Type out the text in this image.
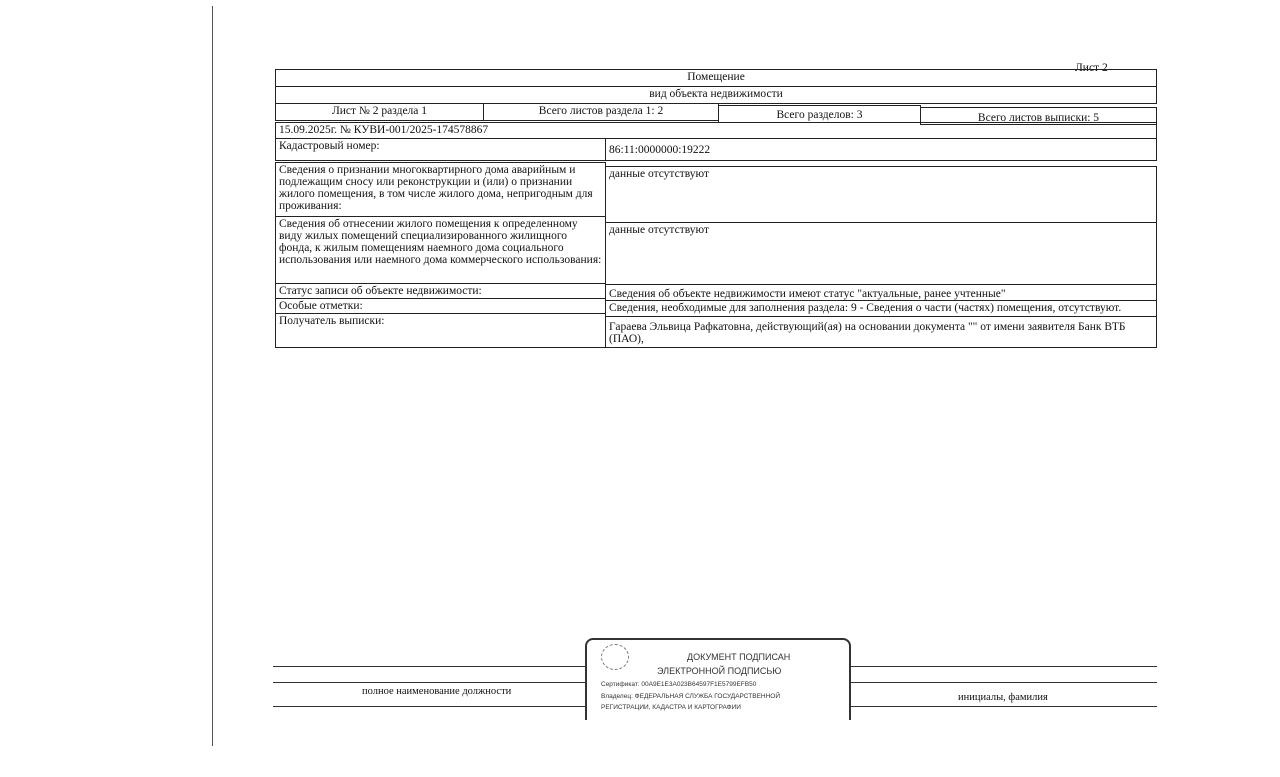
Лист 2
Помещение
вид объекта недвижимости
Лист № 2 раздела 1	Всего листов раздела 1: 2	Всего разделов: 3	Всего листов выписки: 5
15.09.2025г. № КУВИ-001/2025-174578867
Кадастровый номер:	86:11:0000000:19222
Сведения о признании многоквартирного дома аварийным и подлежащим сносу или реконструкции и (или) о признании жилого помещения, в том числе жилого дома, непригодным для проживания:
данные отсутствуют
Сведения об отнесении жилого помещения к определенному виду жилых помещений специализированного жилищного фонда, к жилым помещениям наемного дома социального использования или наемного дома коммерческого использования:
данные отсутствуют
Статус записи об объекте недвижимости:	Сведения об объекте недвижимости имеют статус "актуальные, ранее учтенные"
Особые отметки:	Сведения, необходимые для заполнения раздела: 9 - Сведения о части (частях) помещения, отсутствуют.
Получатель выписки:	Гараева Эльвица Рафкатовна, действующий(ая) на основании документа "" от имени заявителя Банк ВТБ (ПАО),
полное наименование должности
инициалы, фамилия
ДОКУМЕНТ ПОДПИСАН
ЭЛЕКТРОННОЙ ПОДПИСЬЮ
Сертификат: 00A9E1E3A023B64597F1E5799EFB50
Владелец: ФЕДЕРАЛЬНАЯ СЛУЖБА ГОСУДАРСТВЕННОЙ
РЕГИСТРАЦИИ, КАДАСТРА И КАРТОГРАФИИ
